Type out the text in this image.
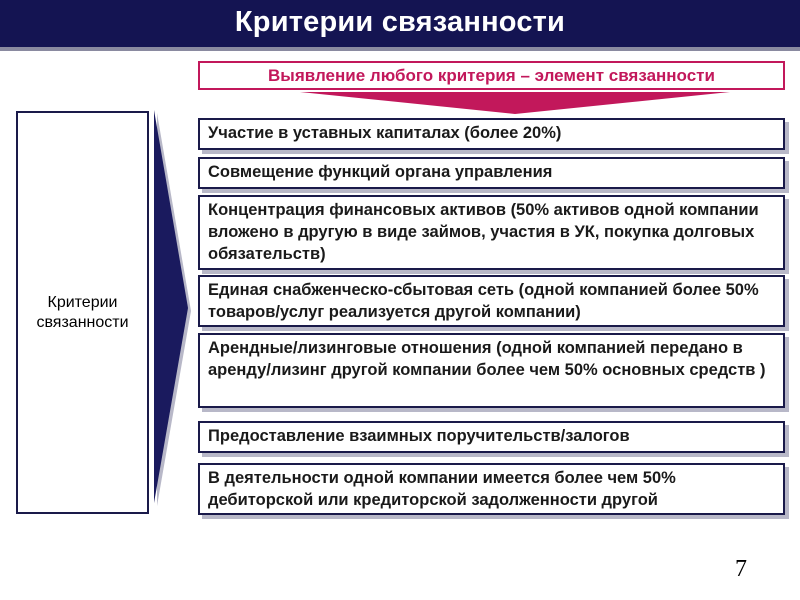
Критерии связанности
Выявление любого критерия – элемент связанности
Критерии связанности
Участие в уставных капиталах (более 20%)
Совмещение функций органа управления
Концентрация финансовых активов (50% активов одной компании вложено в другую в виде займов, участия в УК, покупка долговых обязательств)
Единая снабженческо-сбытовая сеть (одной компанией более 50% товаров/услуг реализуется другой компании)
Арендные/лизинговые отношения (одной компанией передано в аренду/лизинг другой компании более чем 50% основных средств )
Предоставление взаимных поручительств/залогов
В деятельности одной компании имеется более чем 50% дебиторской или кредиторской задолженности другой
7
